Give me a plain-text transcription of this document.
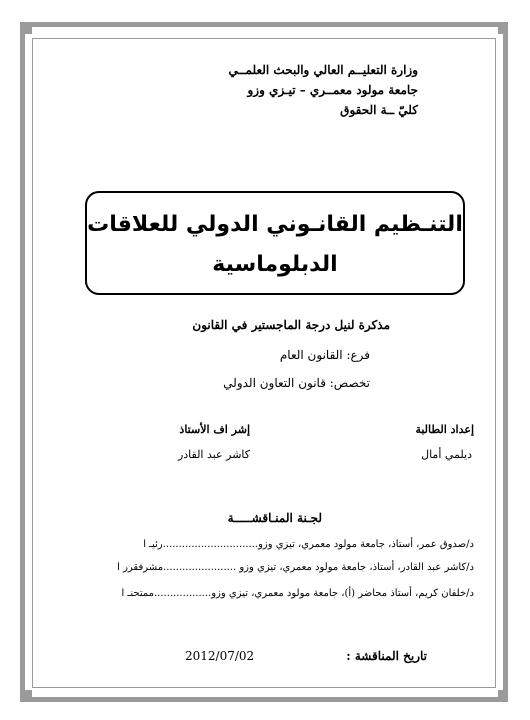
وزارة التعليــم العالي والبحث العلمــي
جامعة مولود معمــري – تيـزي وزو
كليّ ــة الحقوق
التنـظيم القانـوني الدولي للعلاقات
الدبلوماسية
مذكرة لنيل درجة الماجستير في القانون
فرع: القانون العام
تخصص: قانون التعاون الدولي
إعداد الطالبة
ديلمي أمال
إشر اف الأستاذ
كاشر عبد القادر
لجـنة المنـاقشـــــة
د/صدوق عمر، أستاذ، جامعة مولود معمري، تيزي وزو..............................رئيـ ا
د/كاشر عبد القادر، أستاذ، جامعة مولود معمري، تيزي وزو .......................مشرفقرر ا
د/خلفان كريم، أستاذ محاضر (أ)، جامعة مولود معمري، تيزي وزو..................ممتحنـ ا
تاريخ المناقشة :
2012/07/02
